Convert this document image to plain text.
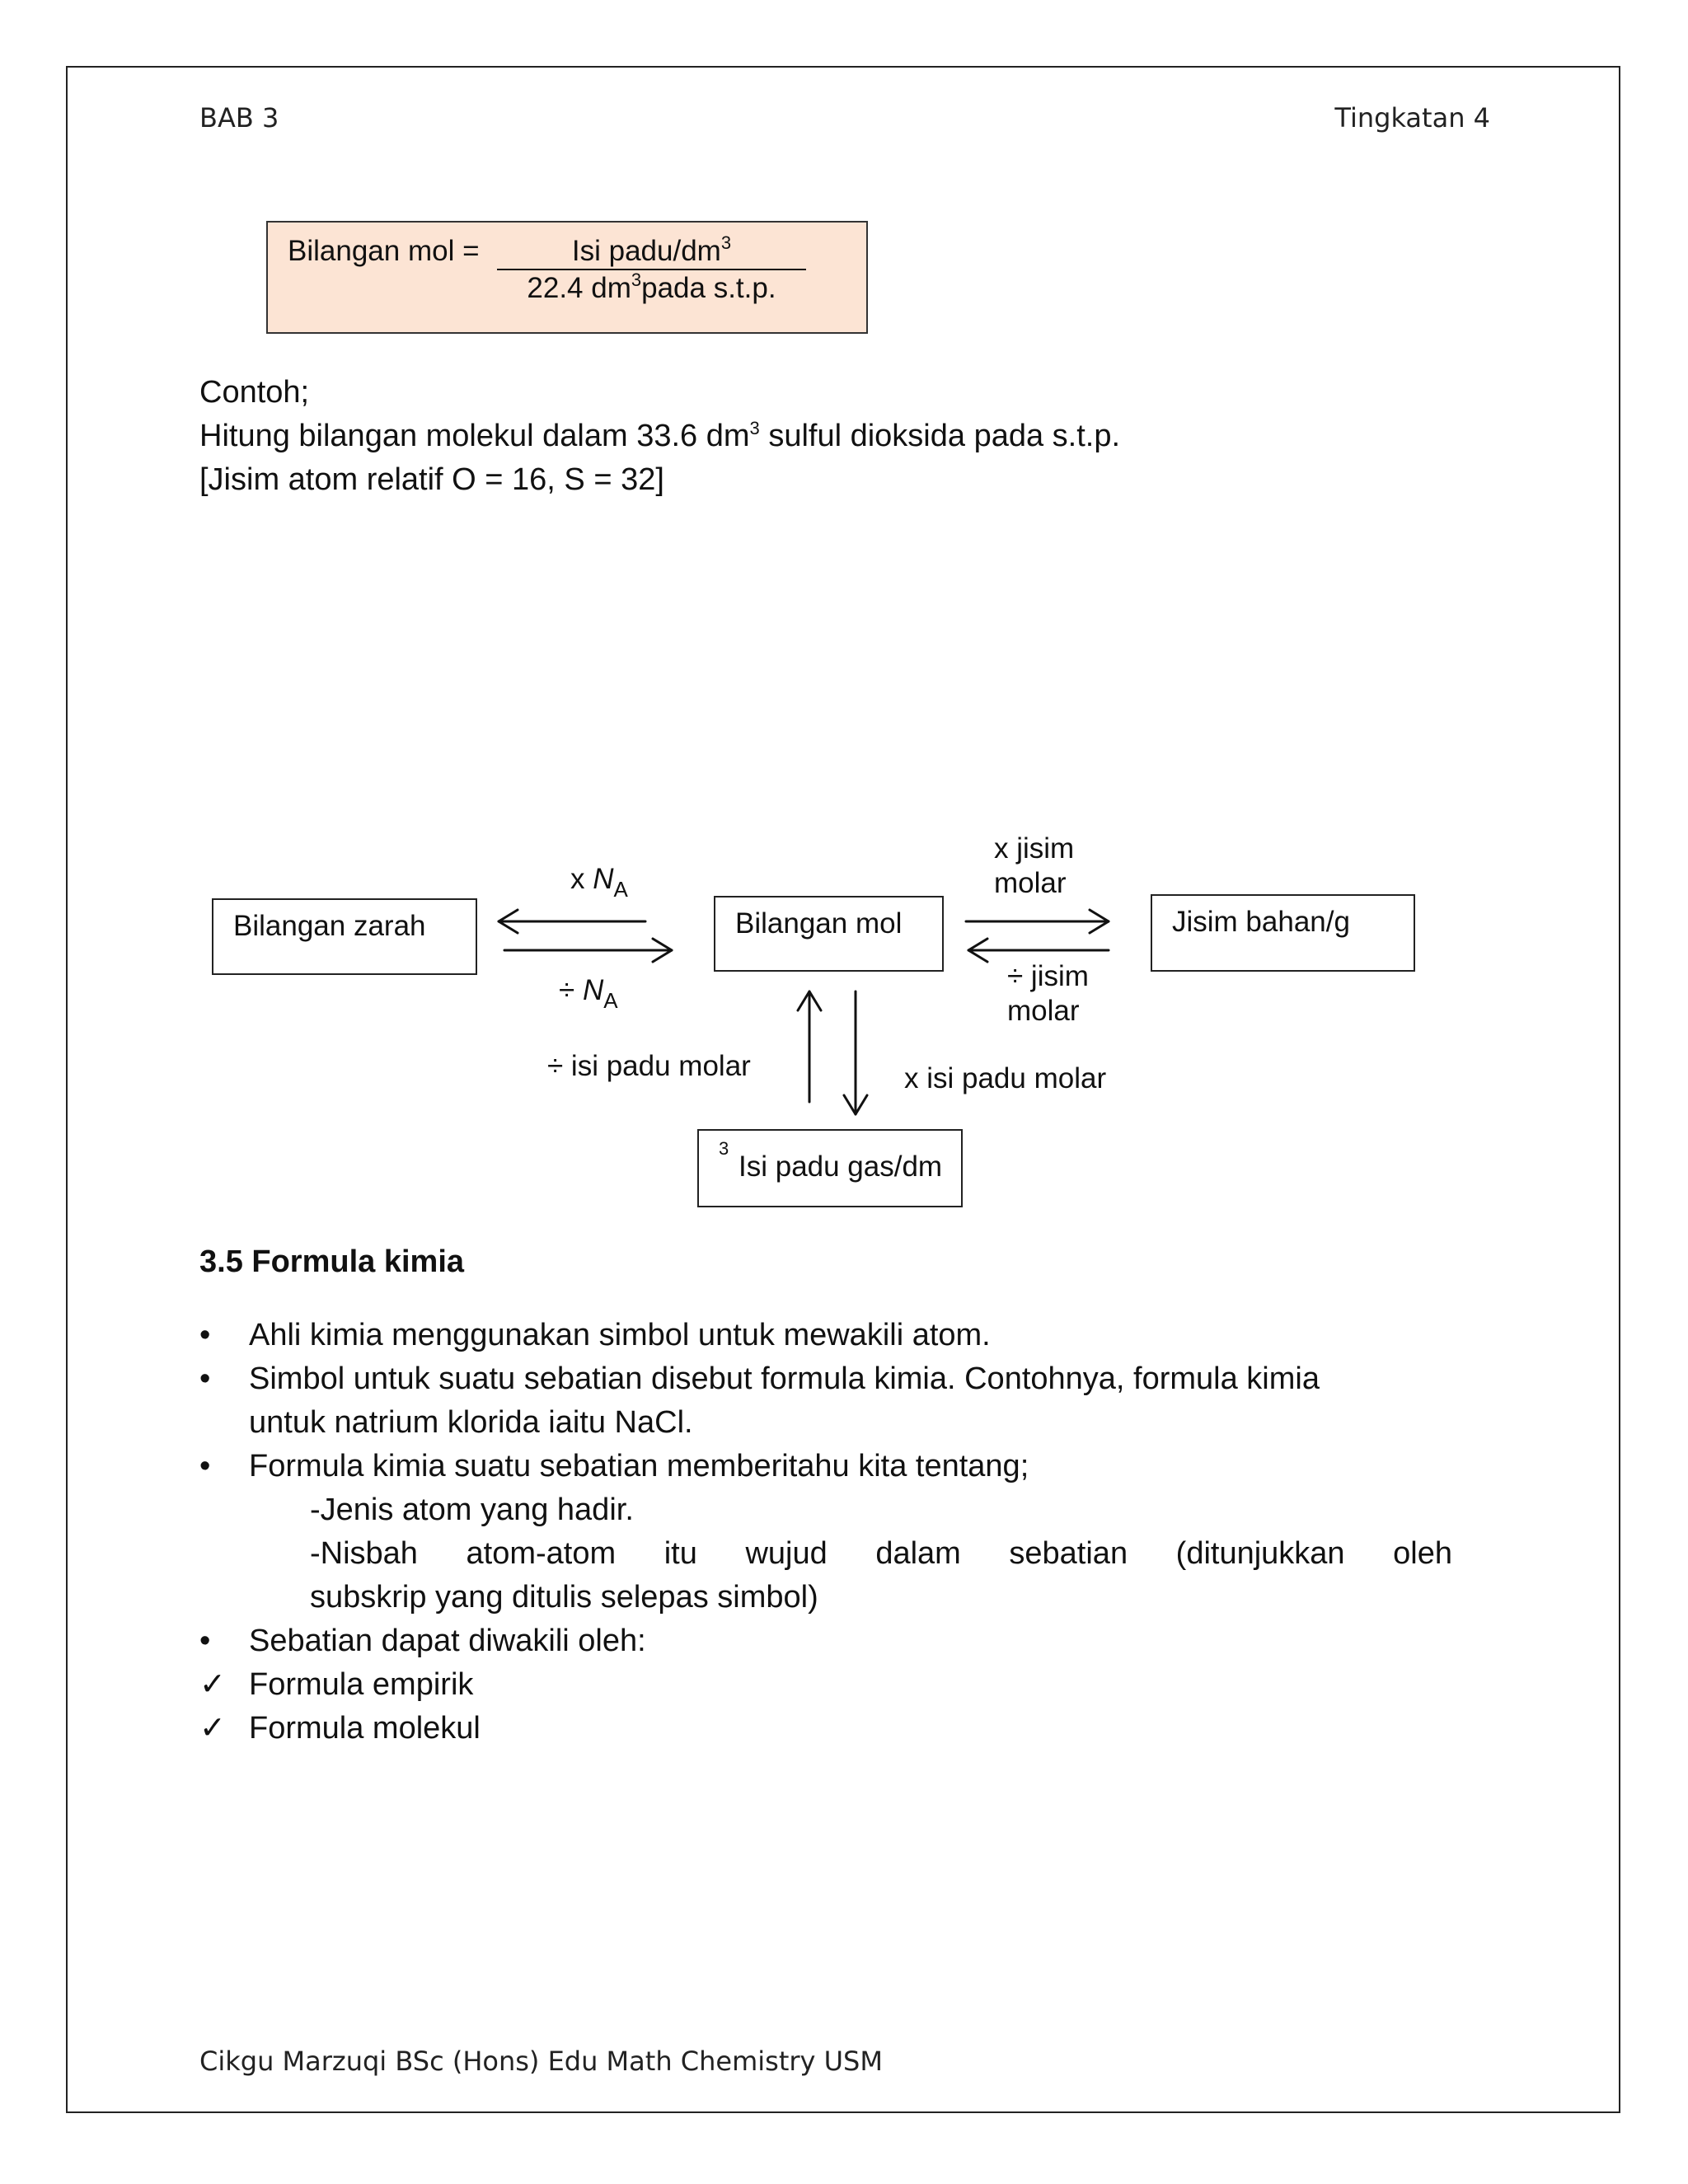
BAB 3	Tingkatan 4
Bilangan mol =	Isi padu/$dm^3$
22.4 $dm^3pada$ s.t.p.
Contoh;
Hitung bilangan molekul dalam 33.6 $dm^3$ sulful dioksida pada s.t.p.
[Jisim atom relatif O = 16, S = 32]
Bilangan zarah	Bilangan mol	Jisim bahan/g
Isi padu gas/dm
$^3$
x $N_A$
÷ $N_A$
x jisim
molar
÷ jisim
molar
÷ isi padu molar	x isi padu molar
3.5 Formula kimia
•	Ahli kimia menggunakan simbol untuk mewakili atom.
•	Simbol untuk suatu sebatian disebut formula kimia. Contohnya, formula kimia
untuk natrium klorida iaitu NaCl.
•	Formula kimia suatu sebatian memberitahu kita tentang;
-Jenis atom yang hadir.
-Nisbah atom-atom itu wujud dalam sebatian (ditunjukkan oleh
subskrip yang ditulis selepas simbol)
•	Sebatian dapat diwakili oleh:
✓ Formula empirik
✓ Formula molekul
Cikgu Marzuqi BSc (Hons) Edu Math Chemistry USM
